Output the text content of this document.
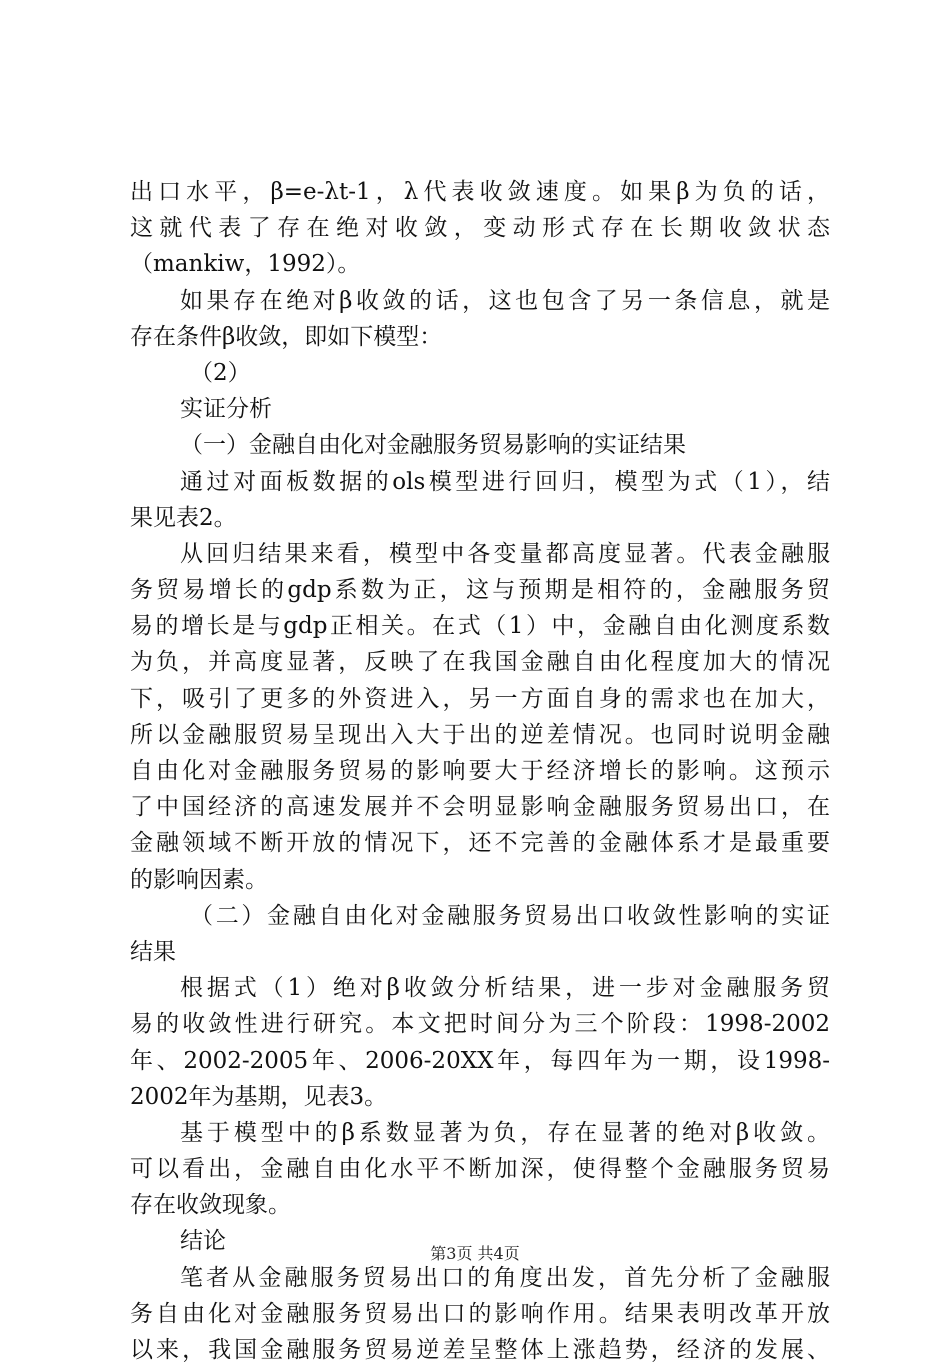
出口水平，β=e-λt-1，λ代表收敛速度。如果β为负的话，
这就代表了存在绝对收敛，变动形式存在长期收敛状态
（mankiw，1992）。
如果存在绝对β收敛的话，这也包含了另一条信息，就是
存在条件β收敛，即如下模型：
（2）
实证分析
（一）金融自由化对金融服务贸易影响的实证结果
通过对面板数据的ols模型进行回归，模型为式（1），结
果见表2。
从回归结果来看，模型中各变量都高度显著。代表金融服
务贸易增长的gdp系数为正，这与预期是相符的，金融服务贸
易的增长是与gdp正相关。在式（1）中，金融自由化测度系数
为负，并高度显著，反映了在我国金融自由化程度加大的情况
下，吸引了更多的外资进入，另一方面自身的需求也在加大，
所以金融服贸易呈现出入大于出的逆差情况。也同时说明金融
自由化对金融服务贸易的影响要大于经济增长的影响。这预示
了中国经济的高速发展并不会明显影响金融服务贸易出口，在
金融领域不断开放的情况下，还不完善的金融体系才是最重要
的影响因素。
（二）金融自由化对金融服务贸易出口收敛性影响的实证
结果
根据式（1）绝对β收敛分析结果，进一步对金融服务贸
易的收敛性进行研究。本文把时间分为三个阶段：1998-2002
年、2002-2005年、2006-20XX年，每四年为一期，设1998-
2002年为基期，见表3。
基于模型中的β系数显著为负，存在显著的绝对β收敛。
可以看出，金融自由化水平不断加深，使得整个金融服务贸易
存在收敛现象。
结论
笔者从金融服务贸易出口的角度出发，首先分析了金融服
务自由化对金融服务贸易出口的影响作用。结果表明改革开放
以来，我国金融服务贸易逆差呈整体上涨趋势，经济的发展、
第3页 共4页
